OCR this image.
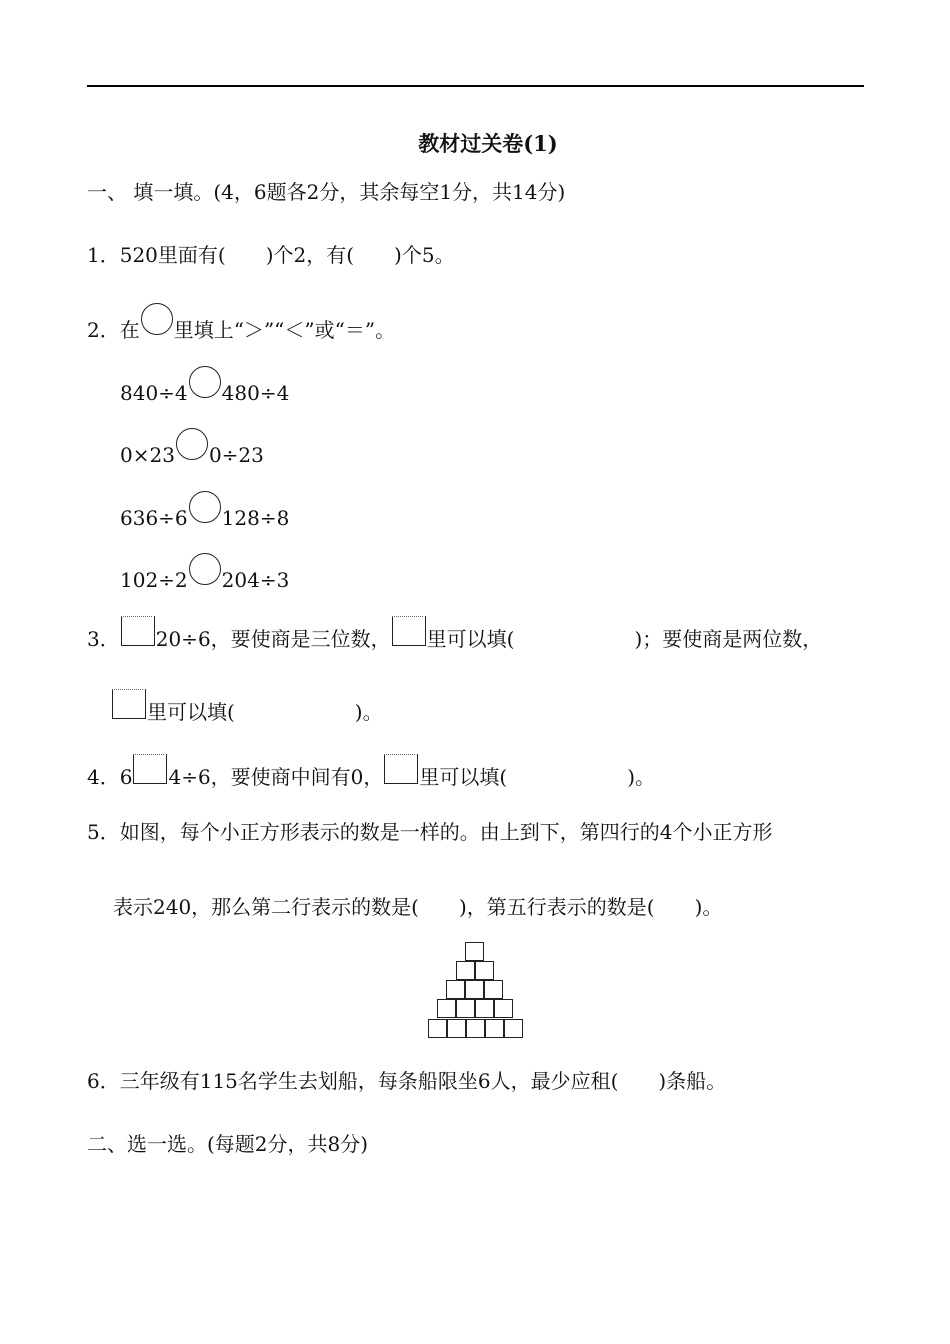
教材过关卷(1)
一、 填一填。(4，6题各2分，其余每空1分，共14分)
1．520里面有(　　)个2，有(　　)个5。
2．在 里填上“＞”“＜”或“＝”。
840÷4 480÷4
0×23 0÷23
636÷6 128÷8
102÷2 204÷3
3． 20÷6，要使商是三位数， 里可以填(　　　　　　)；要使商是两位数，
里可以填(　　　　　　)。
4．6 4÷6，要使商中间有0， 里可以填(　　　　　　)。
5．如图，每个小正方形表示的数是一样的。由上到下，第四行的4个小正方形
表示240，那么第二行表示的数是(　　)，第五行表示的数是(　　)。
6．三年级有115名学生去划船，每条船限坐6人，最少应租(　　)条船。
二、选一选。(每题2分，共8分)
